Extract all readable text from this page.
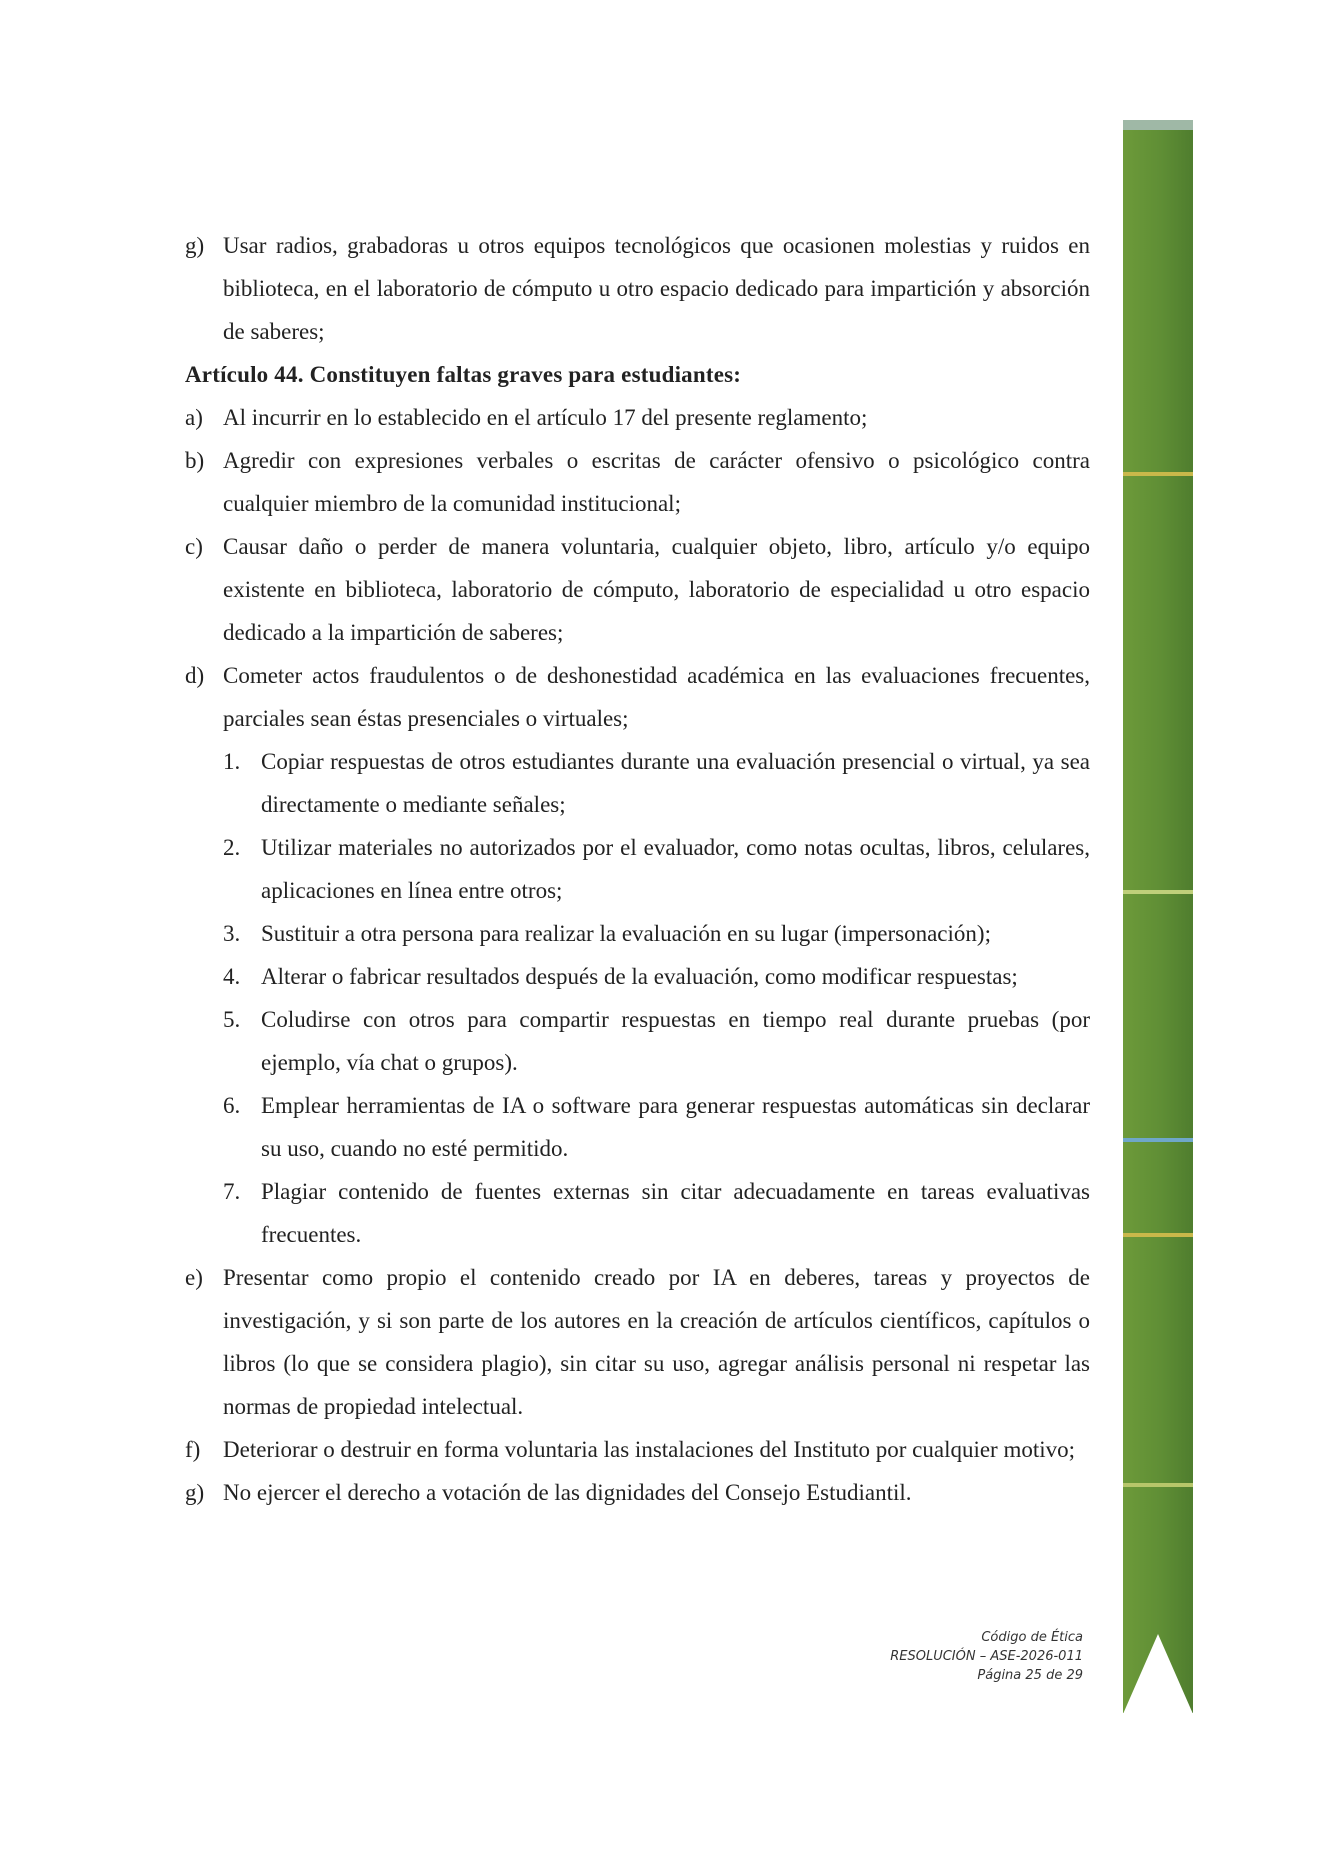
g) Usar radios, grabadoras u otros equipos tecnológicos que ocasionen molestias y ruidos en biblioteca, en el laboratorio de cómputo u otro espacio dedicado para impartición y absorción de saberes;
Artículo 44. Constituyen faltas graves para estudiantes:
a) Al incurrir en lo establecido en el artículo 17 del presente reglamento;
b) Agredir con expresiones verbales o escritas de carácter ofensivo o psicológico contra cualquier miembro de la comunidad institucional;
c) Causar daño o perder de manera voluntaria, cualquier objeto, libro, artículo y/o equipo existente en biblioteca, laboratorio de cómputo, laboratorio de especialidad u otro espacio dedicado a la impartición de saberes;
d) Cometer actos fraudulentos o de deshonestidad académica en las evaluaciones frecuentes, parciales sean éstas presenciales o virtuales;
1. Copiar respuestas de otros estudiantes durante una evaluación presencial o virtual, ya sea directamente o mediante señales;
2. Utilizar materiales no autorizados por el evaluador, como notas ocultas, libros, celulares, aplicaciones en línea entre otros;
3. Sustituir a otra persona para realizar la evaluación en su lugar (impersonación);
4. Alterar o fabricar resultados después de la evaluación, como modificar respuestas;
5. Coludirse con otros para compartir respuestas en tiempo real durante pruebas (por ejemplo, vía chat o grupos).
6. Emplear herramientas de IA o software para generar respuestas automáticas sin declarar su uso, cuando no esté permitido.
7. Plagiar contenido de fuentes externas sin citar adecuadamente en tareas evaluativas frecuentes.
e) Presentar como propio el contenido creado por IA en deberes, tareas y proyectos de investigación, y si son parte de los autores en la creación de artículos científicos, capítulos o libros (lo que se considera plagio), sin citar su uso, agregar análisis personal ni respetar las normas de propiedad intelectual.
f) Deteriorar o destruir en forma voluntaria las instalaciones del Instituto por cualquier motivo;
g) No ejercer el derecho a votación de las dignidades del Consejo Estudiantil.
Código de Ética
RESOLUCIÓN – ASE-2026-011
Página 25 de 29
